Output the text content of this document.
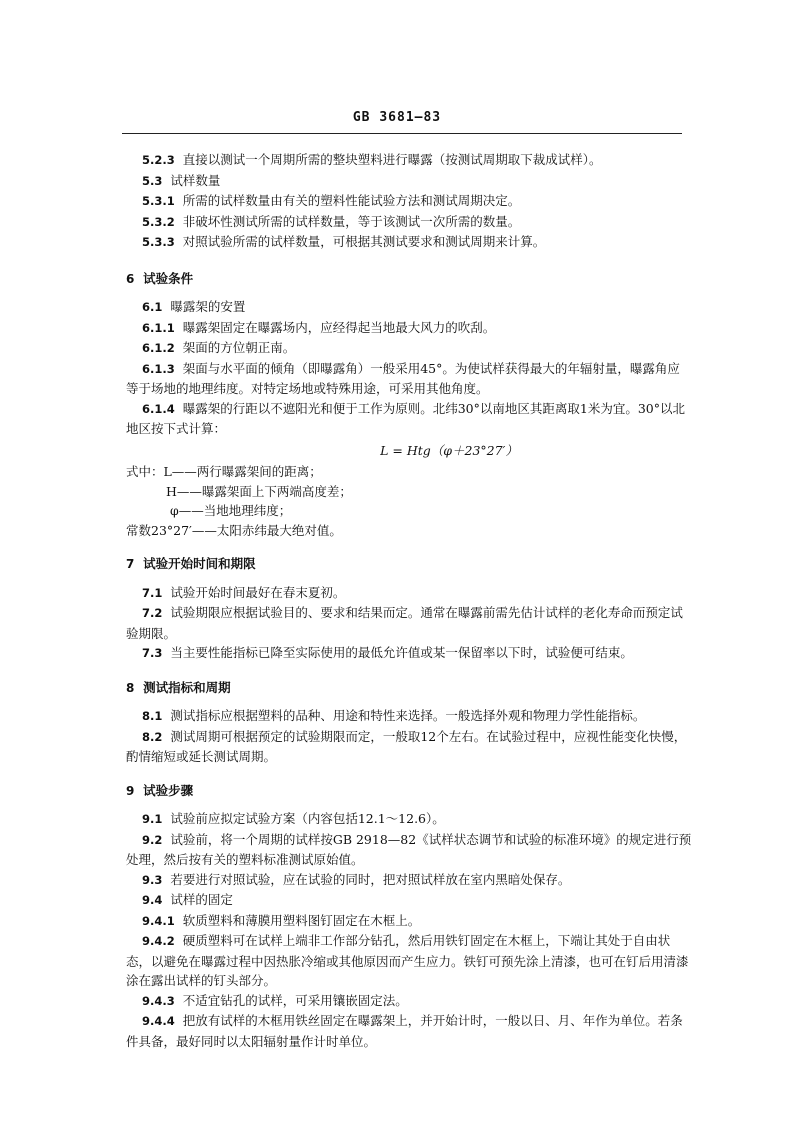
GB 3681—83

5.2.3 直接以测试一个周期所需的整块塑料进行曝露（按测试周期取下裁成试样）。

5.3 试样数量

5.3.1 所需的试样数量由有关的塑料性能试验方法和测试周期决定。

5.3.2 非破坏性测试所需的试样数量，等于该测试一次所需的数量。

5.3.3 对照试验所需的试样数量，可根据其测试要求和测试周期来计算。

6 试验条件

6.1 曝露架的安置

6.1.1 曝露架固定在曝露场内，应经得起当地最大风力的吹刮。

6.1.2 架面的方位朝正南。

6.1.3 架面与水平面的倾角（即曝露角）一般采用45°。为使试样获得最大的年辐射量，曝露角应等于场地的地理纬度。对特定场地或特殊用途，可采用其他角度。

6.1.4 曝露架的行距以不遮阳光和便于工作为原则。北纬30°以南地区其距离取1米为宜。30°以北地区按下式计算：

L = Htg（φ＋23°27′）

式中：L——两行曝露架间的距离；

H——曝露架面上下两端高度差；

φ——当地地理纬度；

常数23°27′——太阳赤纬最大绝对值。

7 试验开始时间和期限

7.1 试验开始时间最好在春末夏初。

7.2 试验期限应根据试验目的、要求和结果而定。通常在曝露前需先估计试样的老化寿命而预定试验期限。

7.3 当主要性能指标已降至实际使用的最低允许值或某一保留率以下时，试验便可结束。

8 测试指标和周期

8.1 测试指标应根据塑料的品种、用途和特性来选择。一般选择外观和物理力学性能指标。

8.2 测试周期可根据预定的试验期限而定，一般取12个左右。在试验过程中，应视性能变化快慢，酌情缩短或延长测试周期。

9 试验步骤

9.1 试验前应拟定试验方案（内容包括12.1～12.6）。

9.2 试验前，将一个周期的试样按GB 2918—82《试样状态调节和试验的标准环境》的规定进行预处理，然后按有关的塑料标准测试原始值。

9.3 若要进行对照试验，应在试验的同时，把对照试样放在室内黑暗处保存。

9.4 试样的固定

9.4.1 软质塑料和薄膜用塑料图钉固定在木框上。

9.4.2 硬质塑料可在试样上端非工作部分钻孔，然后用铁钉固定在木框上，下端让其处于自由状态，以避免在曝露过程中因热胀冷缩或其他原因而产生应力。铁钉可预先涂上清漆，也可在钉后用清漆涂在露出试样的钉头部分。

9.4.3 不适宜钻孔的试样，可采用镶嵌固定法。

9.4.4 把放有试样的木框用铁丝固定在曝露架上，并开始计时，一般以日、月、年作为单位。若条件具备，最好同时以太阳辐射量作计时单位。
